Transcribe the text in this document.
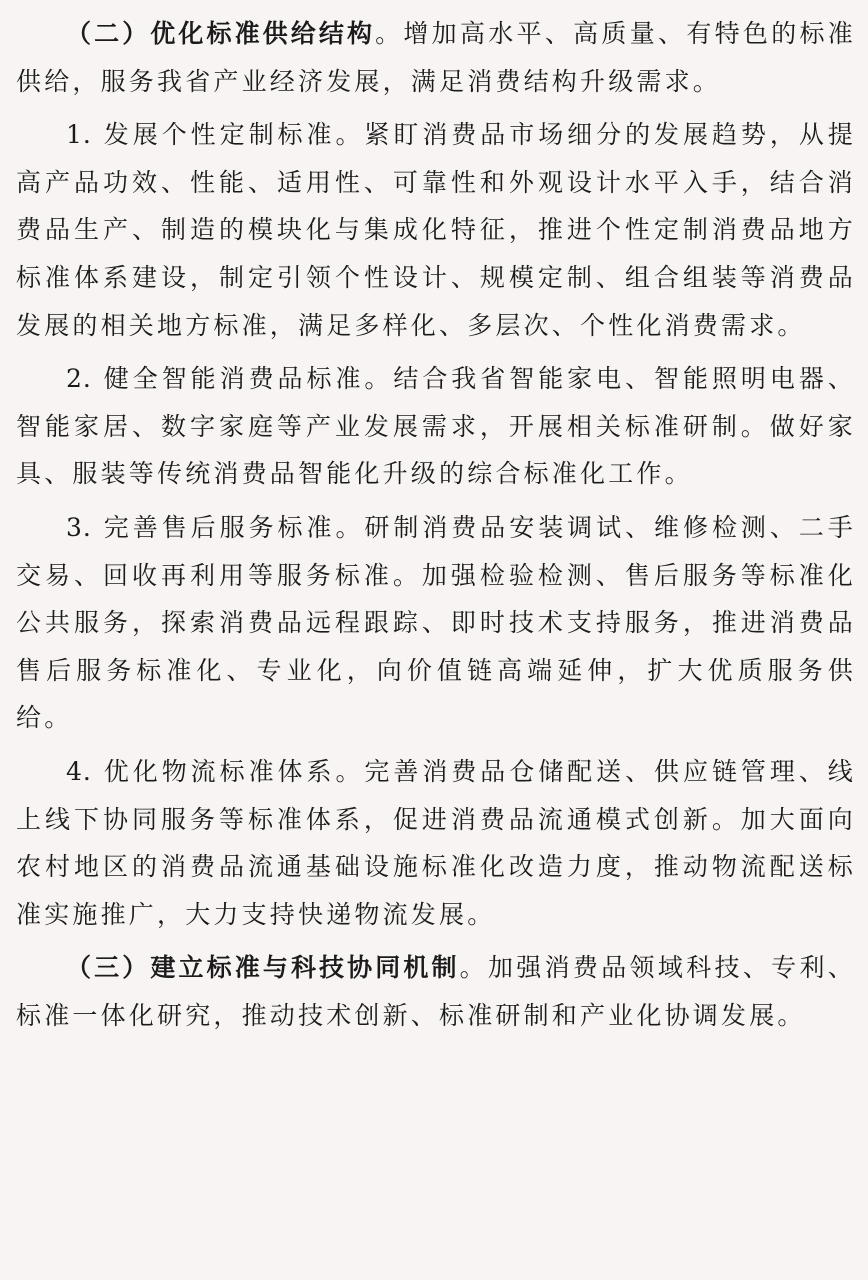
（二）优化标准供给结构。增加高水平、高质量、有特色的标准供给，服务我省产业经济发展，满足消费结构升级需求。

1. 发展个性定制标准。紧盯消费品市场细分的发展趋势，从提高产品功效、性能、适用性、可靠性和外观设计水平入手，结合消费品生产、制造的模块化与集成化特征，推进个性定制消费品地方标准体系建设，制定引领个性设计、规模定制、组合组装等消费品发展的相关地方标准，满足多样化、多层次、个性化消费需求。

2. 健全智能消费品标准。结合我省智能家电、智能照明电器、智能家居、数字家庭等产业发展需求，开展相关标准研制。做好家具、服装等传统消费品智能化升级的综合标准化工作。

3. 完善售后服务标准。研制消费品安装调试、维修检测、二手交易、回收再利用等服务标准。加强检验检测、售后服务等标准化公共服务，探索消费品远程跟踪、即时技术支持服务，推进消费品售后服务标准化、专业化，向价值链高端延伸，扩大优质服务供给。

4. 优化物流标准体系。完善消费品仓储配送、供应链管理、线上线下协同服务等标准体系，促进消费品流通模式创新。加大面向农村地区的消费品流通基础设施标准化改造力度，推动物流配送标准实施推广，大力支持快递物流发展。

（三）建立标准与科技协同机制。加强消费品领域科技、专利、标准一体化研究，推动技术创新、标准研制和产业化协调发展。
